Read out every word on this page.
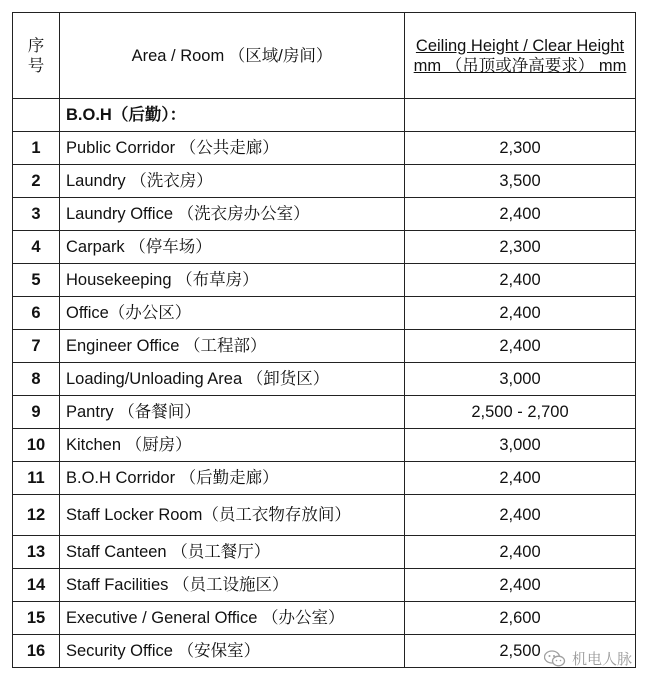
序号	Area / Room （区域/房间）	Ceiling Height / Clear Height mm （吊顶或净高要求） mm

	B.O.H（后勤）：	
1	Public Corridor （公共走廊）	2,300
2	Laundry （洗衣房）	3,500
3	Laundry Office （洗衣房办公室）	2,400
4	Carpark （停车场）	2,300
5	Housekeeping （布草房）	2,400
6	Office（办公区）	2,400
7	Engineer Office （工程部）	2,400
8	Loading/Unloading Area （卸货区）	3,000
9	Pantry （备餐间）	2,500 - 2,700
10	Kitchen （厨房）	3,000
11	B.O.H Corridor （后勤走廊）	2,400
12	Staff Locker Room（员工衣物存放间）	2,400
13	Staff Canteen （员工餐厅）	2,400
14	Staff Facilities （员工设施区）	2,400
15	Executive / General Office （办公室）	2,600
16	Security Office （安保室）	2,500 机电人脉
